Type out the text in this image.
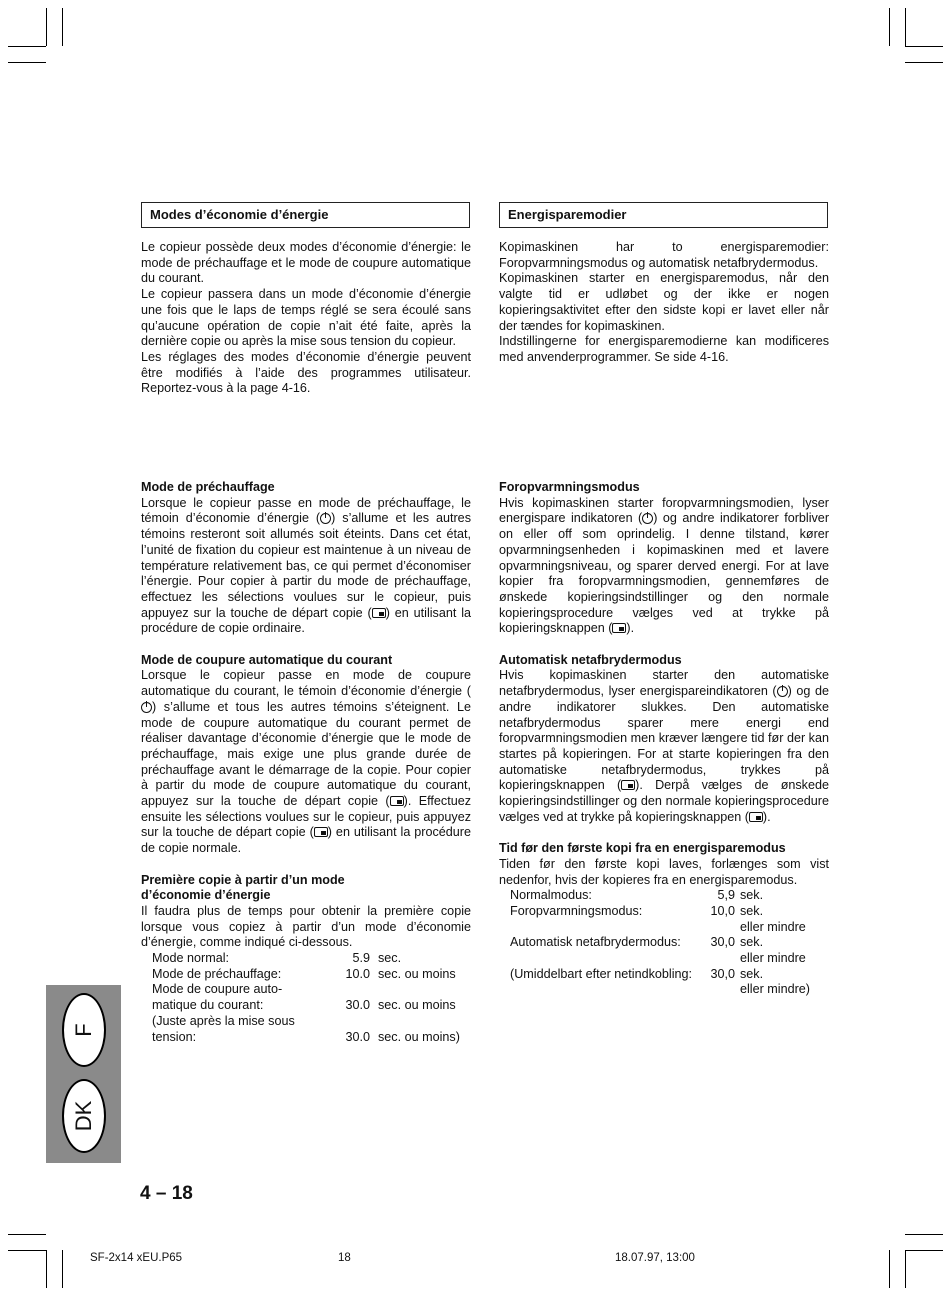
Modes d’économie d’énergie

Le copieur possède deux modes d’économie d’énergie: le mode de préchauffage et le mode de coupure automatique du courant.

Le copieur passera dans un mode d’économie d’énergie une fois que le laps de temps réglé se sera écoulé sans qu’aucune opération de copie n’ait été faite, après la dernière copie ou après la mise sous tension du copieur.

Les réglages des modes d’économie d’énergie peuvent être modifiés à l’aide des programmes utilisateur. Reportez-vous à la page 4-16.

Mode de préchauffage

Lorsque le copieur passe en mode de préchauffage, le témoin d’économie d’énergie ( ) s’allume et les autres témoins resteront soit allumés soit éteints. Dans cet état, l’unité de fixation du copieur est maintenue à un niveau de température relativement bas, ce qui permet d’économiser l’énergie. Pour copier à partir du mode de préchauffage, effectuez les sélections voulues sur le copieur, puis appuyez sur la touche de départ copie ( ) en utilisant la procédure de copie ordinaire.

Mode de coupure automatique du courant

Lorsque le copieur passe en mode de coupure automatique du courant, le témoin d’économie d’énergie () s’allume et tous les autres témoins s’éteignent. Le mode de coupure automatique du courant permet de réaliser davantage d’économie d’énergie que le mode de préchauffage, mais exige une plus grande durée de préchauffage avant le démarrage de la copie. Pour copier à partir du mode de coupure automatique du courant, appuyez sur la touche de départ copie ( ). Effectuez ensuite les sélections voulues sur le copieur, puis appuyez sur la touche de départ copie ( ) en utilisant la procédure de copie normale.

Première copie à partir d’un mode

d’économie d’énergie

Il faudra plus de temps pour obtenir la première copie lorsque vous copiez à partir d’un mode d’économie d’énergie, comme indiqué ci-dessous.

Mode normal:	5.9	sec.
Mode de préchauffage:	10.0	sec. ou moins
Mode de coupure auto-		
matique du courant:	30.0	sec. ou moins
(Juste après la mise sous		
tension:	30.0	sec. ou moins)
Energisparemodier

Kopimaskinen har to energisparemodier: Foropvarmningsmodus og automatisk netafbrydermodus.

Kopimaskinen starter en energisparemodus, når den valgte tid er udløbet og der ikke er nogen kopieringsaktivitet efter den sidste kopi er lavet eller når der tændes for kopimaskinen.

Indstillingerne for energisparemodierne kan modificeres med anvenderprogrammer. Se side 4-16.

Foropvarmningsmodus

Hvis kopimaskinen starter foropvarmningsmodien, lyser energispare indikatoren ( ) og andre indikatorer forbliver on eller off som oprindelig. I denne tilstand, kører opvarmningsenheden i kopimaskinen med et lavere opvarmningsniveau, og sparer derved energi. For at lave kopier fra foropvarmningsmodien, gennemføres de ønskede kopieringsindstillinger og den normale kopieringsprocedure vælges ved at trykke på kopieringsknappen ( ).

Automatisk netafbrydermodus

Hvis kopimaskinen starter den automatiske netafbrydermodus, lyser energispareindikatoren ( ) og de andre indikatorer slukkes. Den automatiske netafbrydermodus sparer mere energi end foropvarmningsmodien men kræver længere tid før der kan startes på kopieringen. For at starte kopieringen fra den automatiske netafbrydermodus, trykkes på kopieringsknappen ( ). Derpå vælges de ønskede kopieringsindstillinger og den normale kopieringsprocedure vælges ved at trykke på kopieringsknappen ( ).

Tid før den første kopi fra en energisparemodus

Tiden før den første kopi laves, forlænges som vist nedenfor, hvis der kopieres fra en energisparemodus.

Normalmodus:	5,9	sek.
Foropvarmningsmodus:	10,0	sek.
		eller mindre
Automatisk netafbrydermodus:	30,0	sek.
		eller mindre
(Umiddelbart efter netindkobling:	30,0	sek.
		eller mindre)
F
DK
4 – 18
SF-2x14 xEU.P65	18	18.07.97, 13:00
